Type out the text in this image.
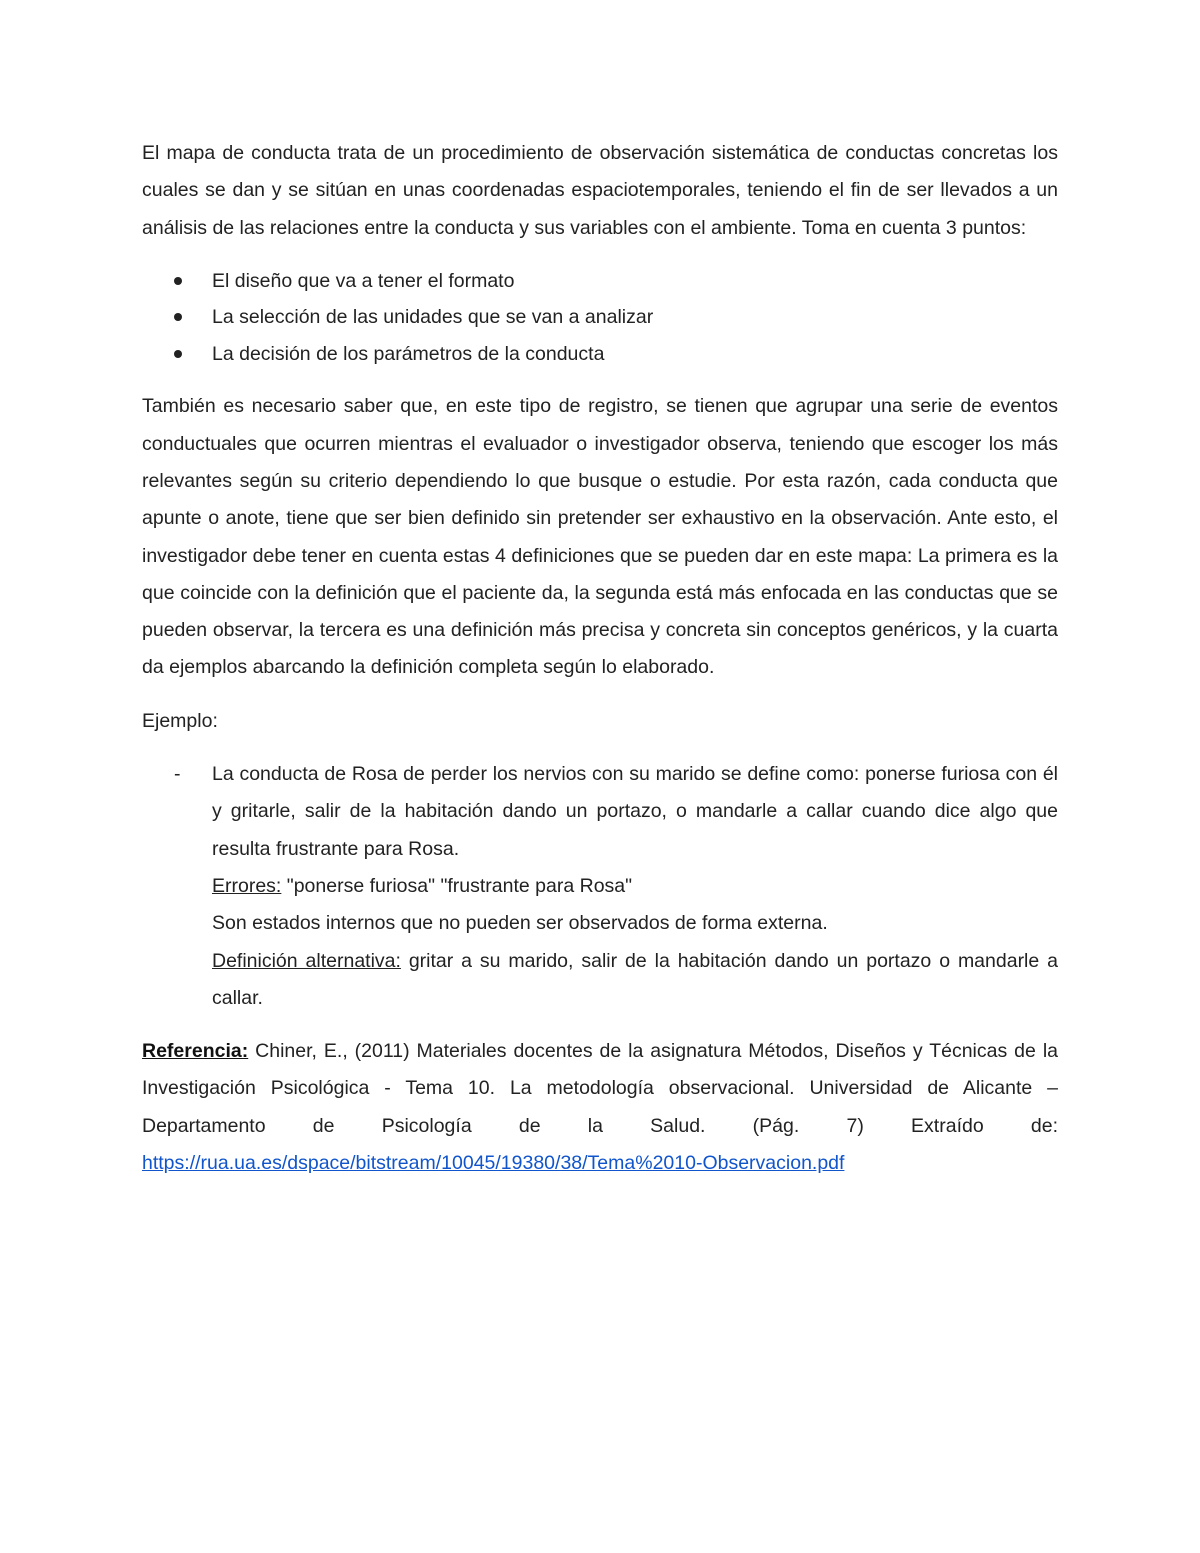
El mapa de conducta trata de un procedimiento de observación sistemática de conductas concretas los cuales se dan y se sitúan en unas coordenadas espaciotemporales, teniendo el fin de ser llevados a un análisis de las relaciones entre la conducta y sus variables con el ambiente. Toma en cuenta 3 puntos:

El diseño que va a tener el formato
La selección de las unidades que se van a analizar
La decisión de los parámetros de la conducta

También es necesario saber que, en este tipo de registro, se tienen que agrupar una serie de eventos conductuales que ocurren mientras el evaluador o investigador observa, teniendo que escoger los más relevantes según su criterio dependiendo lo que busque o estudie. Por esta razón, cada conducta que apunte o anote, tiene que ser bien definido sin pretender ser exhaustivo en la observación. Ante esto, el investigador debe tener en cuenta estas 4 definiciones que se pueden dar en este mapa: La primera es la que coincide con la definición que el paciente da, la segunda está más enfocada en las conductas que se pueden observar, la tercera es una definición más precisa y concreta sin conceptos genéricos, y la cuarta da ejemplos abarcando la definición completa según lo elaborado.

Ejemplo:

- La conducta de Rosa de perder los nervios con su marido se define como: ponerse furiosa con él y gritarle, salir de la habitación dando un portazo, o mandarle a callar cuando dice algo que resulta frustrante para Rosa.
Errores: "ponerse furiosa" "frustrante para Rosa"
Son estados internos que no pueden ser observados de forma externa.
Definición alternativa: gritar a su marido, salir de la habitación dando un portazo o mandarle a callar.

Referencia: Chiner, E., (2011) Materiales docentes de la asignatura Métodos, Diseños y Técnicas de la Investigación Psicológica - Tema 10. La metodología observacional. Universidad de Alicante – Departamento de Psicología de la Salud. (Pág. 7) Extraído de: https://rua.ua.es/dspace/bitstream/10045/19380/38/Tema%2010-Observacion.pdf
